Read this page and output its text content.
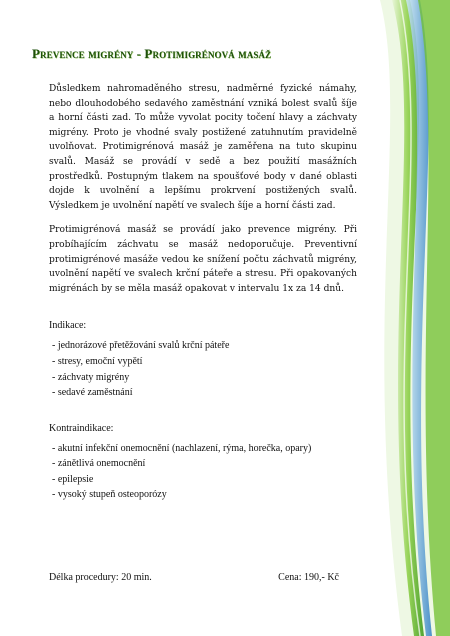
Prevence migrény - Protimigrénová masáž

Důsledkem nahromaděného stresu, nadměrné fyzické námahy, nebo dlouhodobého sedavého zaměstnání vzniká bolest svalů šíje a horní části zad. To může vyvolat pocity točení hlavy a záchvaty migrény. Proto je vhodné svaly postižené zatuhnutím pravidelně uvolňovat. Protimigrénová masáž je zaměřena na tuto skupinu svalů. Masáž se provádí v sedě a bez použití masážních prostředků. Postupným tlakem na spoušťové body v dané oblasti dojde k uvolnění a lepšímu prokrvení postižených svalů. Výsledkem je uvolnění napětí ve svalech šíje a horní části zad.

Protimigrénová masáž se provádí jako prevence migrény. Při probíhajícím záchvatu se masáž nedoporučuje. Preventivní protimigrénové masáže vedou ke snížení počtu záchvatů migrény, uvolnění napětí ve svalech krční páteře a stresu. Při opakovaných migrénách by se měla masáž opakovat v intervalu 1x za 14 dnů.

Indikace:
- jednorázové přetěžování svalů krční páteře
- stresy, emoční vypětí
- záchvaty migrény
- sedavé zaměstnání
Kontraindikace:
- akutní infekční onemocnění (nachlazení, rýma, horečka, opary)
- zánětlivá onemocnění
- epilepsie
- vysoký stupeň osteoporózy
Délka procedury: 20 min.	Cena: 190,- Kč
